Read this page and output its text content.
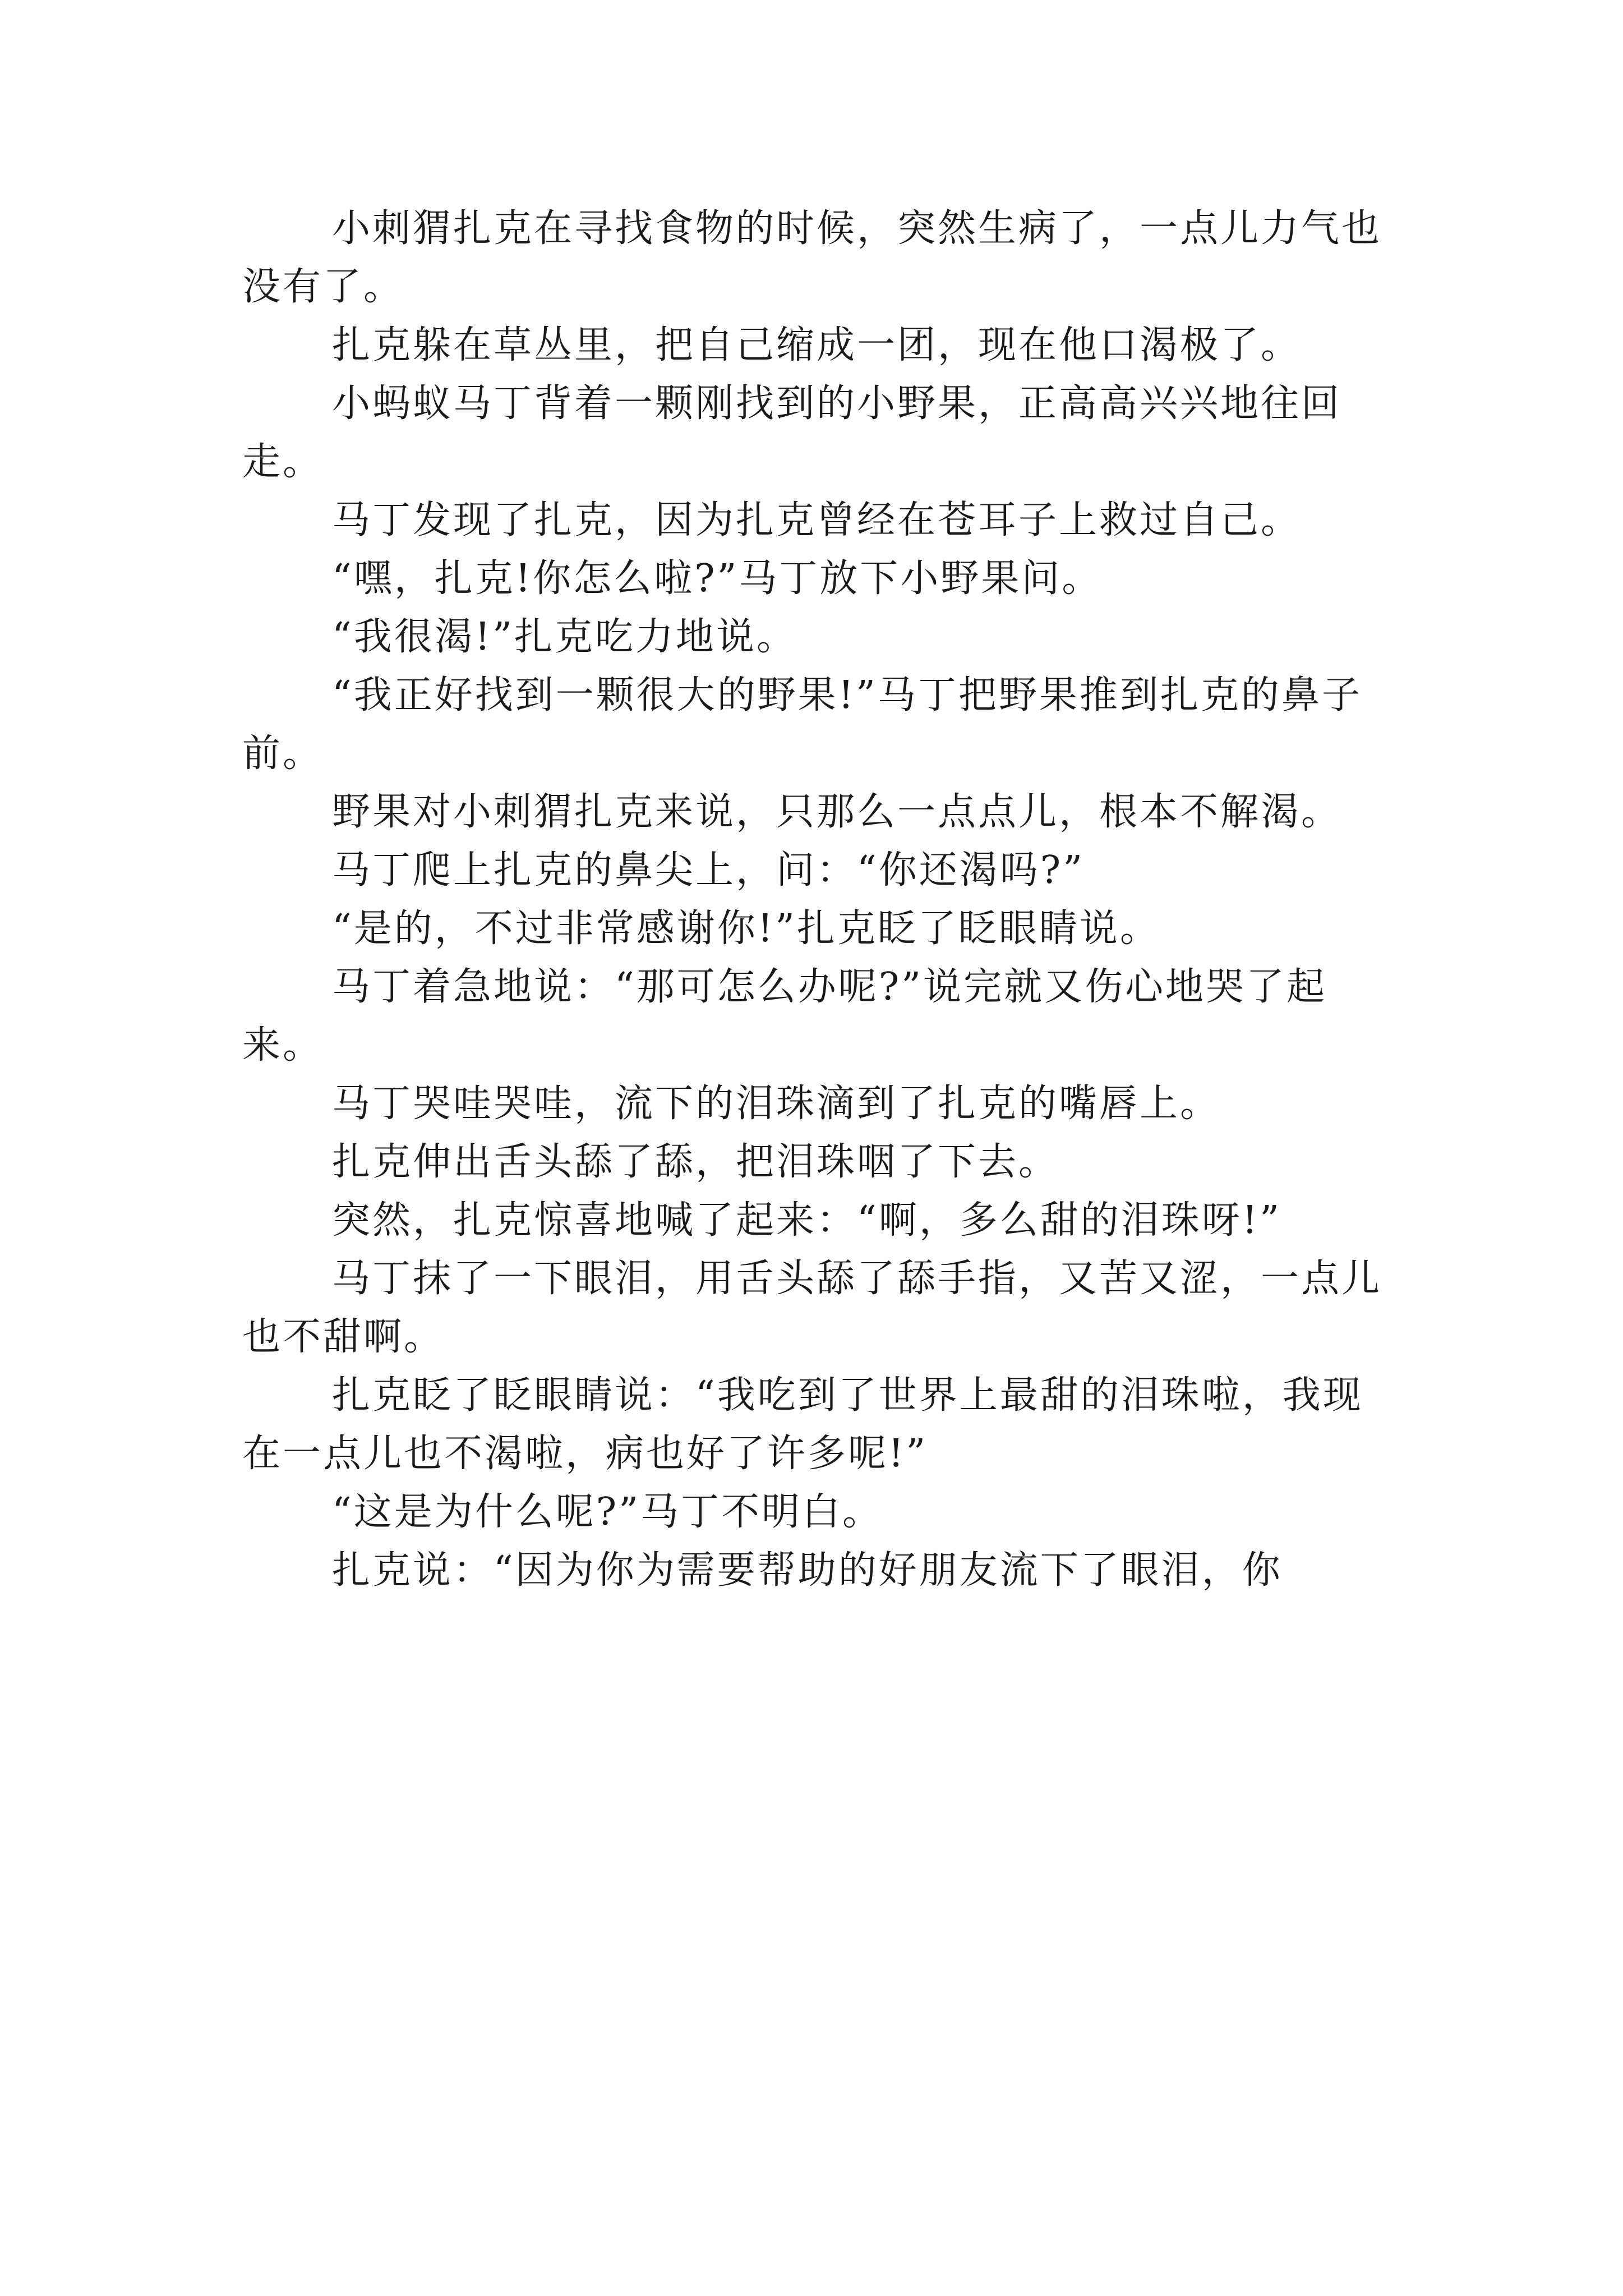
小刺猬扎克在寻找食物的时候，突然生病了，一点儿力气也没有了。

扎克躲在草丛里，把自己缩成一团，现在他口渴极了。

小蚂蚁马丁背着一颗刚找到的小野果，正高高兴兴地往回走。

马丁发现了扎克，因为扎克曾经在苍耳子上救过自己。

“嘿，扎克!你怎么啦?”马丁放下小野果问。

“我很渴!”扎克吃力地说。

“我正好找到一颗很大的野果!”马丁把野果推到扎克的鼻子前。

野果对小刺猬扎克来说，只那么一点点儿，根本不解渴。

马丁爬上扎克的鼻尖上，问：“你还渴吗?”

“是的，不过非常感谢你!”扎克眨了眨眼睛说。

马丁着急地说：“那可怎么办呢?”说完就又伤心地哭了起来。

马丁哭哇哭哇，流下的泪珠滴到了扎克的嘴唇上。

扎克伸出舌头舔了舔，把泪珠咽了下去。

突然，扎克惊喜地喊了起来：“啊，多么甜的泪珠呀!”

马丁抹了一下眼泪，用舌头舔了舔手指，又苦又涩，一点儿也不甜啊。

扎克眨了眨眼睛说：“我吃到了世界上最甜的泪珠啦，我现在一点儿也不渴啦，病也好了许多呢!”

“这是为什么呢?”马丁不明白。

扎克说：“因为你为需要帮助的好朋友流下了眼泪，你
